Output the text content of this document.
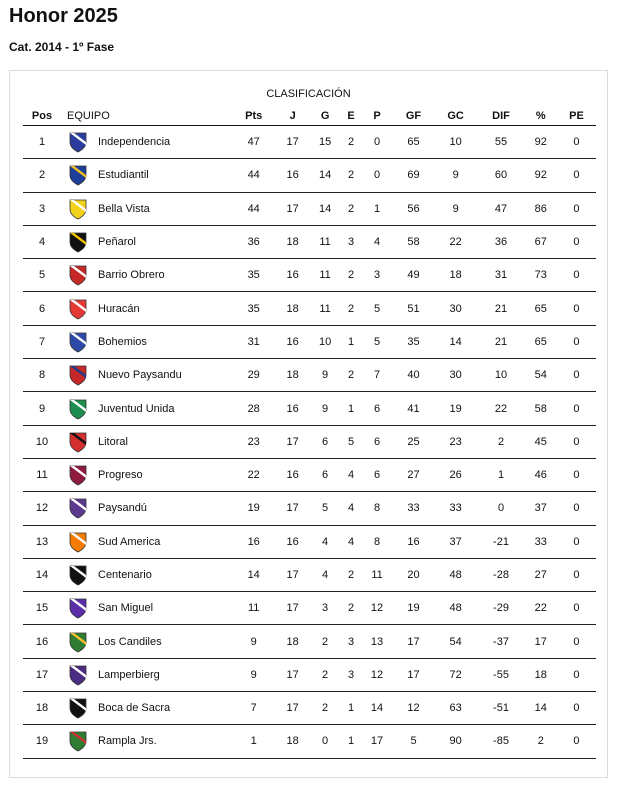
Honor 2025
Cat. 2014 - 1º Fase
CLASIFICACIÓN
Pos	EQUIPO	Pts	J	G	E	P	GF	GC	DIF	%	PE
1	Independencia	47	17	15	2	0	65	10	55	92	0
2	Estudiantil	44	16	14	2	0	69	9	60	92	0
3	Bella Vista	44	17	14	2	1	56	9	47	86	0
4	Peñarol	36	18	11	3	4	58	22	36	67	0
5	Barrio Obrero	35	16	11	2	3	49	18	31	73	0
6	Huracán	35	18	11	2	5	51	30	21	65	0
7	Bohemios	31	16	10	1	5	35	14	21	65	0
8	Nuevo Paysandu	29	18	9	2	7	40	30	10	54	0
9	Juventud Unida	28	16	9	1	6	41	19	22	58	0
10	Litoral	23	17	6	5	6	25	23	2	45	0
11	Progreso	22	16	6	4	6	27	26	1	46	0
12	Paysandú	19	17	5	4	8	33	33	0	37	0
13	Sud America	16	16	4	4	8	16	37	-21	33	0
14	Centenario	14	17	4	2	11	20	48	-28	27	0
15	San Miguel	11	17	3	2	12	19	48	-29	22	0
16	Los Candiles	9	18	2	3	13	17	54	-37	17	0
17	Lamperbierg	9	17	2	3	12	17	72	-55	18	0
18	Boca de Sacra	7	17	2	1	14	12	63	-51	14	0
19	Rampla Jrs.	1	18	0	1	17	5	90	-85	2	0
